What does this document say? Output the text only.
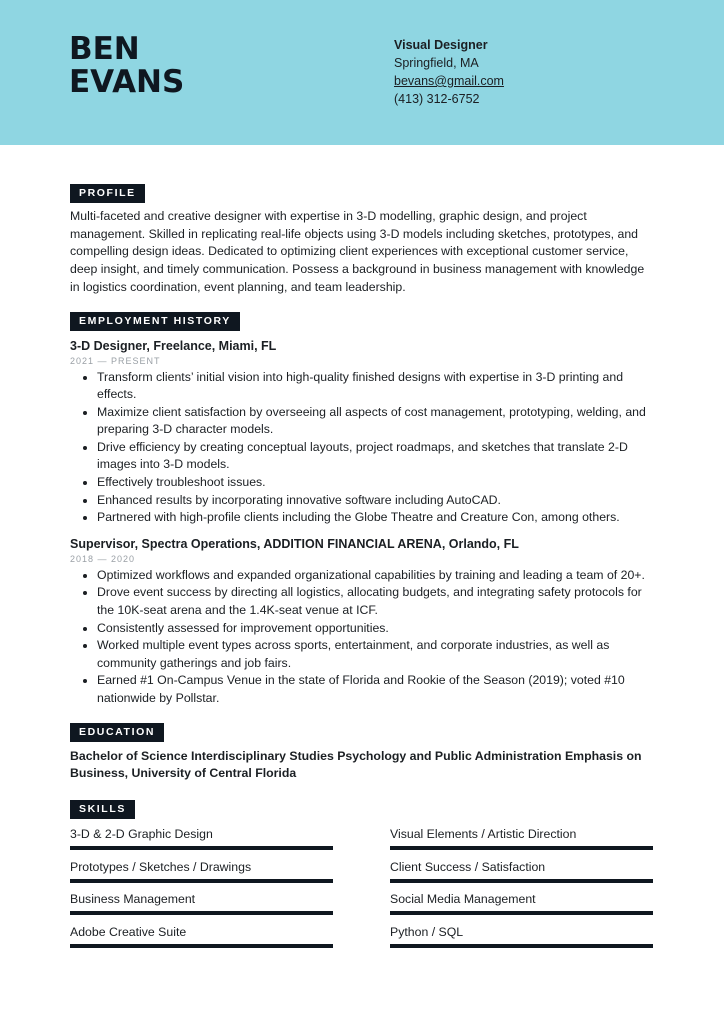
BEN
EVANS
Visual Designer
Springfield, MA
bevans@gmail.com
(413) 312-6752
PROFILE
Multi-faceted and creative designer with expertise in 3-D modelling, graphic design, and project management. Skilled in replicating real-life objects using 3-D models including sketches, prototypes, and compelling design ideas. Dedicated to optimizing client experiences with exceptional customer service, deep insight, and timely communication. Possess a background in business management with knowledge in logistics coordination, event planning, and team leadership.
EMPLOYMENT HISTORY
3-D Designer, Freelance, Miami, FL
2021 — PRESENT
• Transform clients’ initial vision into high-quality finished designs with expertise in 3-D printing and effects.
• Maximize client satisfaction by overseeing all aspects of cost management, prototyping, welding, and preparing 3-D character models.
• Drive efficiency by creating conceptual layouts, project roadmaps, and sketches that translate 2-D images into 3-D models.
• Effectively troubleshoot issues.
• Enhanced results by incorporating innovative software including AutoCAD.
• Partnered with high-profile clients including the Globe Theatre and Creature Con, among others.
Supervisor, Spectra Operations, ADDITION FINANCIAL ARENA, Orlando, FL
2018 — 2020
• Optimized workflows and expanded organizational capabilities by training and leading a team of 20+.
• Drove event success by directing all logistics, allocating budgets, and integrating safety protocols for the 10K-seat arena and the 1.4K-seat venue at ICF.
• Consistently assessed for improvement opportunities.
• Worked multiple event types across sports, entertainment, and corporate industries, as well as community gatherings and job fairs.
• Earned #1 On-Campus Venue in the state of Florida and Rookie of the Season (2019); voted #10 nationwide by Pollstar.
EDUCATION
Bachelor of Science Interdisciplinary Studies Psychology and Public Administration Emphasis on Business, University of Central Florida
SKILLS
3-D & 2-D Graphic Design	Visual Elements / Artistic Direction
Prototypes / Sketches / Drawings	Client Success / Satisfaction
Business Management	Social Media Management
Adobe Creative Suite	Python / SQL
